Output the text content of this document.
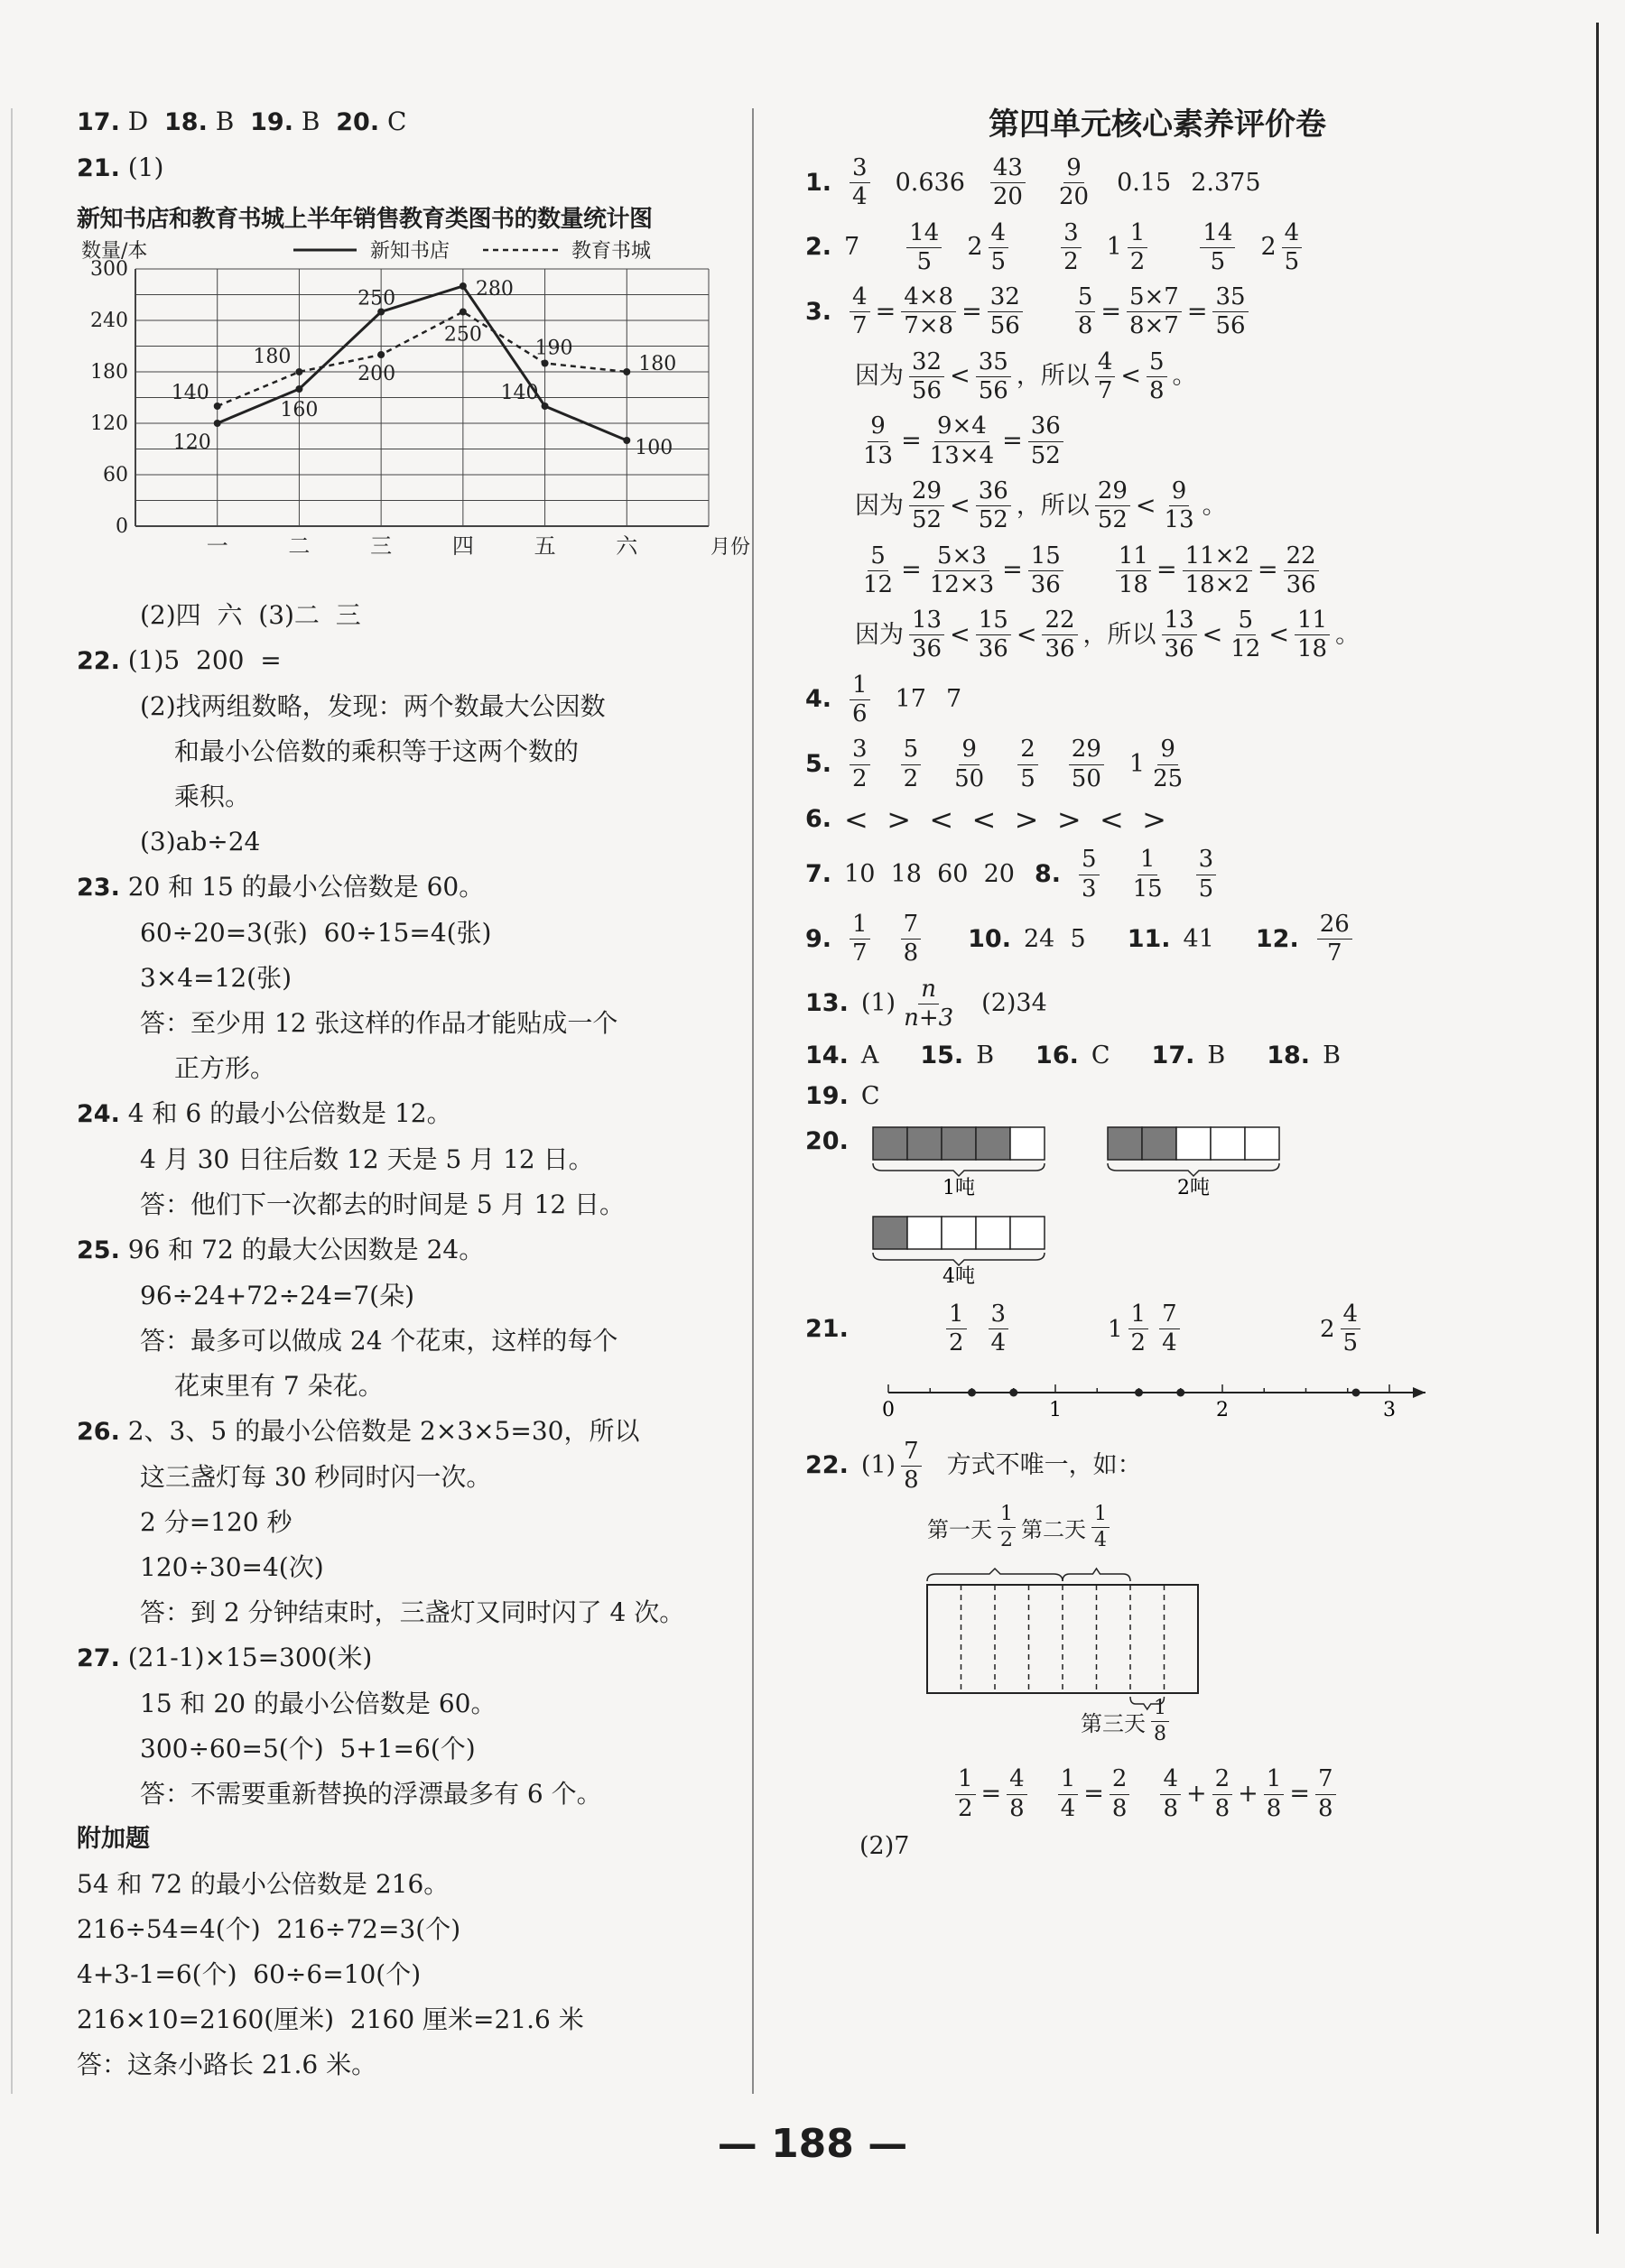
17. D  18. B  19. B  20. C
21. (1)
新知书店和教育书城上半年销售教育类图书的数量统计图
0
60
120
180
240
300
一	二	三	四	五	六	月份
数量/本	新知书店	教育书城
120
160
250	280
140
100
140
180
200
250
190
180
(2)四  六  (3)二  三
22. (1)5  200  =
(2)找两组数略，发现：两个数最大公因数
和最小公倍数的乘积等于这两个数的
乘积。
(3)ab÷24
23. 20 和 15 的最小公倍数是 60。
60÷20=3(张)  60÷15=4(张)
3×4=12(张)
答：至少用 12 张这样的作品才能贴成一个
正方形。
24. 4 和 6 的最小公倍数是 12。
4 月 30 日往后数 12 天是 5 月 12 日。
答：他们下一次都去的时间是 5 月 12 日。
25. 96 和 72 的最大公因数是 24。
96÷24+72÷24=7(朵)
答：最多可以做成 24 个花束，这样的每个
花束里有 7 朵花。
26. 2、3、5 的最小公倍数是 2×3×5=30，所以
这三盏灯每 30 秒同时闪一次。
2 分=120 秒
120÷30=4(次)
答：到 2 分钟结束时，三盏灯又同时闪了 4 次。
27. (21-1)×15=300(米)
15 和 20 的最小公倍数是 60。
300÷60=5(个)  5+1=6(个)
答：不需要重新替换的浮漂最多有 6 个。
附加题
54 和 72 的最小公倍数是 216。
216÷54=4(个)  216÷72=3(个)
4+3-1=6(个)  60÷6=10(个)
216×10=2160(厘米)  2160 厘米=21.6 米
答：这条小路长 21.6 米。
第四单元核心素养评价卷
1. $\frac{3}{4} 0.636 \frac{43}{20} \frac{9}{20} 0.15$ 2.375
2. $7 \frac{14}{5} 2 \frac{4}{5} \frac{3}{2} 1 \frac{1}{2} \frac{14}{5} 2 \frac{4}{5}$
3. $\frac{4}{7} = \frac{4\times 8}{7\times 8} = \frac{32}{56} \frac{5}{8} = \frac{5\times 7}{8\times 7} = \frac{35}{56}$
因为 $\frac{32}{56} < \frac{35}{56}$ ，所以 $\frac{4}{7} < \frac{5}{8}$ 。
$\frac{9}{13} = \frac{9\times 4}{13\times 4} = \frac{36}{52}$
因为 $\frac{29}{52} < \frac{36}{52}$ ，所以 $\frac{29}{52} < \frac{9}{13}$ 。
$\frac{5}{12} = \frac{5\times 3}{12\times 3} = \frac{15}{36} \frac{11}{18} = \frac{11\times 2}{18\times 2} = \frac{22}{36}$
因为 $\frac{13}{36} < \frac{15}{36} < \frac{22}{36}$ ，所以 $\frac{13}{36} < \frac{5}{12} < \frac{11}{18}$ 。
4. $\frac{1}{6} 17$ 7
5. $\frac{3}{2} \frac{5}{2} \frac{9}{50} \frac{2}{5} \frac{29}{50} 1 \frac{9}{25}$
6. <  >  <  <  >  >  <  >
7. 10  18  60  20 8. $\frac{5}{3} \frac{1}{15} \frac{3}{5}$
9. $\frac{1}{7} \frac{7}{8} 10$. 24  5 11. 41 12. $\frac{26}{7}$
13. $(1) \frac{n}{n+3} (2)34$
14. A 15. B 16. C 17. B 18. B
19. C
20.
1吨	2吨
4吨
21.	$\frac{1}{2} \frac{3}{4}$	$1 \frac{1}{2} \frac{7}{4}$	$2 \frac{4}{5}$
0	1	2	3
22. $(1) \frac{7}{8}$ 方式不唯一，如：
第一天 $\frac{1}{2}$ 第二天 $\frac{1}{4}$
第三天 $\frac{1}{8}$
$\frac{1}{2} = \frac{4}{8} \frac{1}{4} = \frac{2}{8} \frac{4}{8} + \frac{2}{8} + \frac{1}{8} = \frac{7}{8}$
(2)7
— 188 —
